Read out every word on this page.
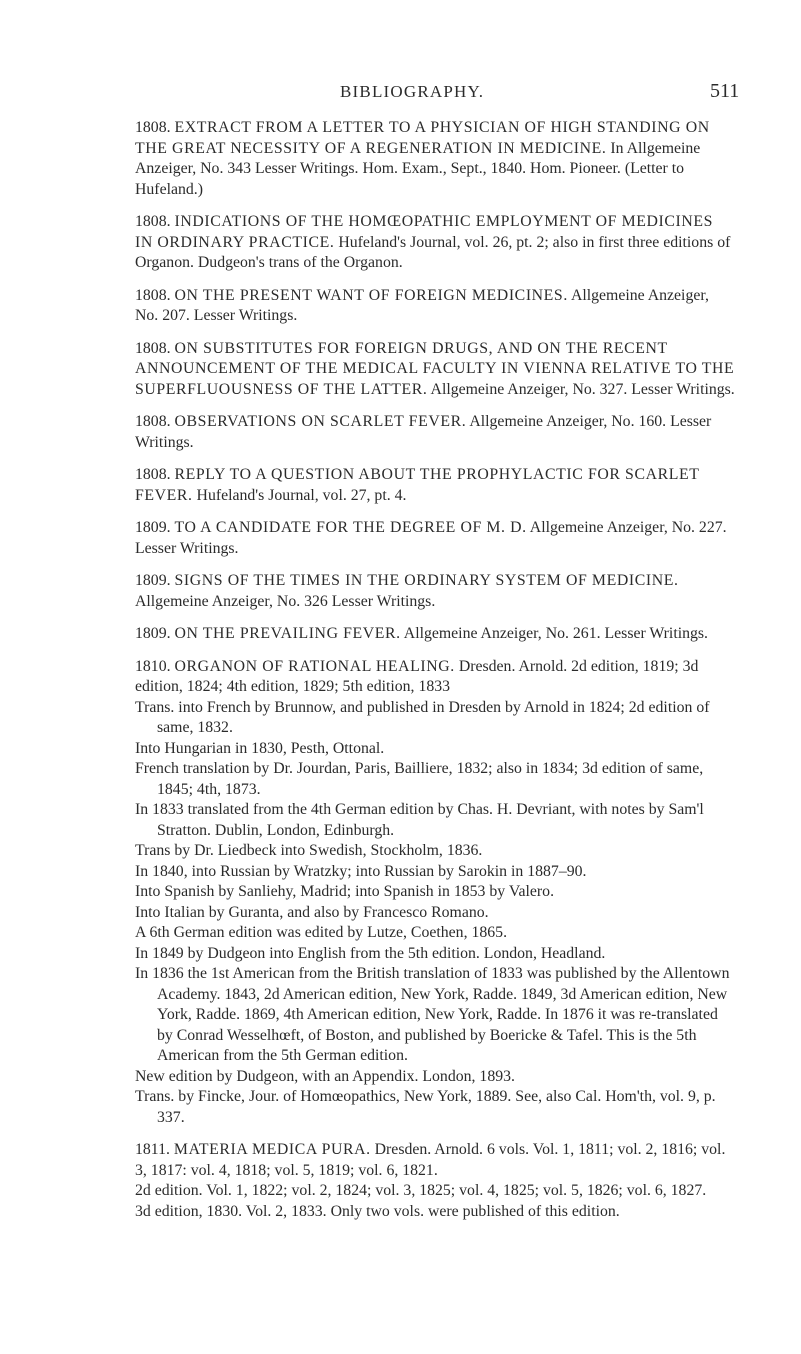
BIBLIOGRAPHY.	511
1808. EXTRACT FROM A LETTER TO A PHYSICIAN OF HIGH STANDING ON THE GREAT NECESSITY OF A REGENERATION IN MEDICINE. In Allgemeine Anzeiger, No. 343 Lesser Writings. Hom. Exam., Sept., 1840. Hom. Pioneer. (Letter to Hufeland.)
1808. INDICATIONS OF THE HOMŒOPATHIC EMPLOYMENT OF MEDICINES IN ORDINARY PRACTICE. Hufeland's Journal, vol. 26, pt. 2; also in first three editions of Organon. Dudgeon's trans of the Organon.
1808. ON THE PRESENT WANT OF FOREIGN MEDICINES. Allgemeine Anzeiger, No. 207. Lesser Writings.
1808. ON SUBSTITUTES FOR FOREIGN DRUGS, AND ON THE RECENT ANNOUNCEMENT OF THE MEDICAL FACULTY IN VIENNA RELATIVE TO THE SUPERFLUOUSNESS OF THE LATTER. Allgemeine Anzeiger, No. 327. Lesser Writings.
1808. OBSERVATIONS ON SCARLET FEVER. Allgemeine Anzeiger, No. 160. Lesser Writings.
1808. REPLY TO A QUESTION ABOUT THE PROPHYLACTIC FOR SCARLET FEVER. Hufeland's Journal, vol. 27, pt. 4.
1809. TO A CANDIDATE FOR THE DEGREE OF M. D. Allgemeine Anzeiger, No. 227. Lesser Writings.
1809. SIGNS OF THE TIMES IN THE ORDINARY SYSTEM OF MEDICINE. Allgemeine Anzeiger, No. 326 Lesser Writings.
1809. ON THE PREVAILING FEVER. Allgemeine Anzeiger, No. 261. Lesser Writings.
1810. ORGANON OF RATIONAL HEALING. Dresden. Arnold. 2d edition, 1819; 3d edition, 1824; 4th edition, 1829; 5th edition, 1833
Trans. into French by Brunnow, and published in Dresden by Arnold in 1824; 2d edition of same, 1832.
Into Hungarian in 1830, Pesth, Ottonal.
French translation by Dr. Jourdan, Paris, Bailliere, 1832; also in 1834; 3d edition of same, 1845; 4th, 1873.
In 1833 translated from the 4th German edition by Chas. H. Devriant, with notes by Sam'l Stratton. Dublin, London, Edinburgh.
Trans by Dr. Liedbeck into Swedish, Stockholm, 1836.
In 1840, into Russian by Wratzky; into Russian by Sarokin in 1887–90.
Into Spanish by Sanliehy, Madrid; into Spanish in 1853 by Valero.
Into Italian by Guranta, and also by Francesco Romano.
A 6th German edition was edited by Lutze, Coethen, 1865.
In 1849 by Dudgeon into English from the 5th edition. London, Headland.
In 1836 the 1st American from the British translation of 1833 was published by the Allentown Academy. 1843, 2d American edition, New York, Radde. 1849, 3d American edition, New York, Radde. 1869, 4th American edition, New York, Radde. In 1876 it was re-translated by Conrad Wesselhœft, of Boston, and published by Boericke & Tafel. This is the 5th American from the 5th German edition.
New edition by Dudgeon, with an Appendix. London, 1893.
Trans. by Fincke, Jour. of Homœopathics, New York, 1889. See, also Cal. Hom'th, vol. 9, p. 337.
1811. MATERIA MEDICA PURA. Dresden. Arnold. 6 vols. Vol. 1, 1811; vol. 2, 1816; vol. 3, 1817: vol. 4, 1818; vol. 5, 1819; vol. 6, 1821.
2d edition. Vol. 1, 1822; vol. 2, 1824; vol. 3, 1825; vol. 4, 1825; vol. 5, 1826; vol. 6, 1827.
3d edition, 1830. Vol. 2, 1833. Only two vols. were published of this edition.
